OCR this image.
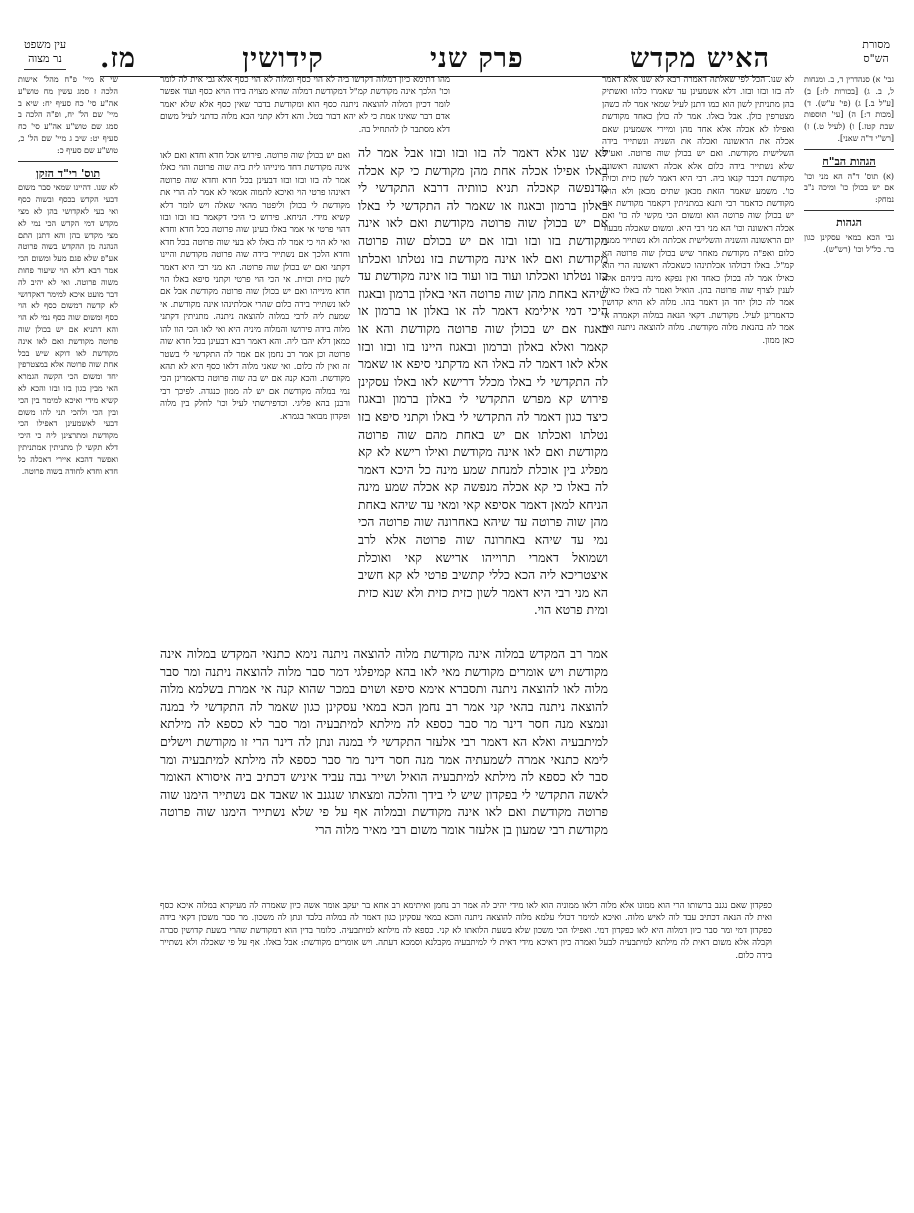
מסורת
הש"ס
עין משפט
נר מצוה	האיש מקדש
פרק שני
קידושין
מז.
גבי' א) סנהדרין ד, ב. ומנחות ל, ב. ג) [בכורות לז:] ב) [ע"ל ב.] ג) (פי' ע"ש). ד) [מכות ד:] ה) [עי' תוספות שבת קטז.] ו) (לעיל ט.) ז) [רש"י ד"ה שאני].
הגהות הב"ח
(א) תוס' ד"ה הא מני וכו' אם יש בכולן כו' ומיכה נ"ב נמחק:
הגהות
גבי הכא במאי עסקינן כגון בר. כל"ל וכו' (רש"ש).
שי א מיי' פ"ח מהל' אישות הלכה ז סמג עשין מח טוש"ע אה"ע סי' כח סעיף יח: שיא ב מיי' שם הל' יח, ופ"ה הלכה ב סמג שם טוש"ע אה"ע סי' כח סעיף יט: שיב ג מיי' שם הל' כ, טוש"ע שם סעיף כ:
תוס' רי"ד הזקן
לא שנו. דהיינו שמאי סבר משום דבעי הקדש בכסף ובשוה כסף ואי בעי לאקדושי בהן לא מצי מקדש דמי הקדש הכי נמי לא מצי מקדש בהן והא דתנן התם הנהנה מן ההקדש בשוה פרוטה אע"פ שלא פגם מעל ומשום הכי אמר רבא דלא הוי שיעור פחות משוה פרוטה. ואי לא יהיב לה דבר מועט איכא למימר דאקדושי לא קדשה דמשום כסף לא הוי כסף ומשום שוה כסף נמי לא הוי והא דתניא אם יש בכולן שוה פרוטה מקודשת ואם לאו אינה מקודשת לאו דוקא שיש בכל אחת שוה פרוטה אלא במצטרפין יחד ומשום הכי הקשה הגמרא האי מבין בגון בזו ובזו והכא לא קשיא מידי ואיכא למימר בין הכי ובין הכי ולהכי תני להו משום דבעי לאשמעינן דאפילו הכי מקודשת ומתרצינן ליה כי היכי דלא תקשי לן מתניתין אמתניתין ואפשר דהכא איירי דאכלה כל חדא וחדא לחודה בשוה פרוטה.
לא שנו. הכל לפי שאלתה דאמרה רבא לא שנו אלא דאמר לה בזו ובזו ובזו. דלא אשמעינן עד שאמרו כלהו ואשתיק בהן מתניתין לשון הוא כמו דתנן לעיל שמאי אמר לה כשהן מצטרפין כולן. אבל באלו. אמר לה כולן כאחד מקודשת ואפילו לא אכלה אלא אחד מהן ומיירי אשמעינן שאם אכלה את הראשונה ואכלה את השניה ונשתייר בידה השלישית מקודשת. ואם יש בכולן שוה פרוטה. ואע"פ שלא נשתייר בידה כלום אלא אכלה ראשונה ראשונה מקודשת דכבר קנאו ביה. רבי היא דאמר לשון כזית וכזית כו'. משמע שאמר הזאת מכאן שתים מכאן ולא הויא מקודשת כדאמר רבי ותנא במתניתין דקאמר מקודשת אם יש בכולן שוה פרוטה הוא ומשום הכי מקשי לה כו' ואם אכלה ראשונה וכו' הא מני רבי היא. ומשום שאכלה מבעוד יום הראשונה והשניה והשלישית אכלתה ולא נשתייר ממנה כלום ואפ"ה מקודשת מאחר שיש בכולן שוה פרוטה הא קמ"ל. באלו דכולהו אכלתינהו כשאכלה ראשונה הרי הוא כאילו אמר לה בכולן כאחד ואין נפקא מינה ביניהם אלא לענין לצרף שוה פרוטה בהן. הואיל ואמר לה באלו כאילו אמר לה כולן יחד הן דאמר בהו. מלוה לא הויא קדושין כדאמרינן לעיל. מקודשת. דקאי הנאה במלוה וקאמרה אי אמר לה בהנאת מלוה מקודשת. מלוה להוצאה ניתנה ואין כאן ממון.
מהו דתימא כיון דמלוה דקדשו ביה לא הוי כסף ומלוה לא הוי כסף אלא גבי אית לה לומר וכו' הלכך אינה מקודשת קמ"ל דמקודשת דמלוה שהיא מצויה בידו הויא כסף ועוד אפשר לומר דכיון דמלוה להוצאה ניתנה כסף הוא ומקודשת בדבר שאין כסף אלא שלא יאמר אדם דבר שאינו אמת כי לא יהא דבור בטל. והא דלא קתני הכא מלוה כדתני לעיל משום דלא מסתבר לן להתחיל בה.
ואם יש בכולן שוה פרוטה. פירוש אכל חדא וחדא ואם לאו אינה מקודשת דחד מינייהו לית ביה שוה פרוטה והוי כאלו אמר לה בזו ובזו ובזו דבעינן בכל חדא וחדא שוה פרוטה דאינהו פרטי הוי ואיכא לתמוה אמאי לא אמר לה הרי את מקודשת לי בכולן וליפטר מהאי שאלה ויש לומר דלא קשיא מידי. הניחא. פירוש כי היכי דקאמר בזו ובזו ובזו דהוי פרטי אי אמר באלו בעינן שוה פרוטה בכל חדא וחדא ואי לא הוי כי אמר לה באלו לא בעי שוה פרוטה בכל חדא וחדא הלכך אם נשתייר בידה שוה פרוטה מקודשת והיינו דקתני ואם יש בכולן שוה פרוטה. הא מני רבי היא דאמר לשון כזית וכזית. אי הכי הוי פרטי וקתני סיפא באלו הוי חדא מינייהו ואם יש בכולן שוה פרוטה מקודשת אבל אם לאו נשתייר בידה כלום שהרי אכלתינהו אינה מקודשת. אי שמעת ליה לרבי במלוה להוצאה ניתנה. מתניתין דקתני מלוה בידה פירושו והמלוה מיניה היא ואי לאו הכי הוו להו כמאן דלא יהבו ליה. והא דאמר רבא דבעינן בכל חדא שוה פרוטה וכן אמר רב נחמן אם אמר לה התקדשי לי בשטר זה ואין לה כלום. ואי שאני מלוה דלאו כסף היא לא תהא מקודשת. והכא קנה אם יש בה שוה פרוטה כדאמרינן הכי נמי במלוה מקודשת אם יש לה ממון כנגדה. לפיכך רבי ורבנן בהא פליגי. וכדפירשתי לעיל וכו' לחלק בין מלוה ופקדון מבואר בגמרא.
לא שנו אלא דאמר לה בזו ובזו ובזו אבל אמר לה באלו אפילו אכלה אחת מהן מקודשת כי קא אכלה מדנפשה קאכלה תניא כוותיה דרבא התקדשי לי באלון ברמון ובאגוז או שאמר לה התקדשי לי באלו אם יש בכולן שוה פרוטה מקודשת ואם לאו אינה מקודשת בזו ובזו ובזו אם יש בכולם שוה פרוטה מקודשת ואם לאו אינה מקודשת בזו נטלתו ואכלתו בזו נטלתו ואכלתו ועוד בזו ועוד בזו אינה מקודשת עד שיהא באחת מהן שוה פרוטה האי באלון ברמון ובאגוז היכי דמי אילימא דאמר לה או באלון או ברמון או באגוז אם יש בכולן שוה פרוטה מקודשת והא או קאמר ואלא באלון וברמון ובאגוז היינו בזו ובזו ובזו אלא לאו דאמר לה באלו הא מדקתני סיפא או שאמר לה התקדשי לי באלו מכלל דרישא לאו באלו עסקינן פירוש קא מפרש התקדשי לי באלון ברמון ובאגוז כיצד כגון דאמר לה התקדשי לי באלו וקתני סיפא בזו נטלתו ואכלתו אם יש באחת מהם שוה פרוטה מקודשת ואם לאו אינה מקודשת ואילו רישא לא קא מפליג בין אוכלת למנחת שמע מינה כל היכא דאמר לה באלו כי קא אכלה מנפשה קא אכלה שמע מינה הניחא למאן דאמר אסיפא קאי ומאי עד שיהא באחת מהן שוה פרוטה עד שיהא באחרונה שוה פרוטה הכי נמי עד שיהא באחרונה שוה פרוטה אלא לרב ושמואל דאמרי תרוייהו ארישא קאי ואוכלת איצטריכא ליה הכא כללי קתשיב פרטי לא קא חשיב הא מני רבי היא דאמר לשון כזית כזית ולא שנא כזית ומית פרטא הוי.
אמר רב המקדש במלוה אינה מקודשת מלוה להוצאה ניתנה נימא כתנאי המקדש במלוה אינה מקודשת ויש אומרים מקודשת מאי לאו בהא קמיפלגי דמר סבר מלוה להוצאה ניתנה ומר סבר מלוה לאו להוצאה ניתנה ותסברא אימא סיפא ושוים במכר שהוא קנה אי אמרת בשלמא מלוה להוצאה ניתנה בהאי קני אמר רב נחמן הכא במאי עסקינן כגון שאמר לה התקדשי לי במנה ונמצא מנה חסר דינר מר סבר כספא לה מילתא למיתבעיה ומר סבר לא כספא לה מילתא למיתבעיה ואלא הא דאמר רבי אלעזר התקדשי לי במנה ונתן לה דינר הרי זו מקודשת וישלים לימא כתנאי אמרה לשמעתיה אמר מנה חסר דינר מר סבר כספא לה מילתא למיתבעיה ומר סבר לא כספא לה מילתא למיתבעיה הואיל ושייר גבה עביד איניש דכתיב ביה איסורא האומר לאשה התקדשי לי בפקדון שיש לי בידך והלכה ומצאתו שנגנב או שאבד אם נשתייר הימנו שוה פרוטה מקודשת ואם לאו אינה מקודשת ובמלוה אף על פי שלא נשתייר הימנו שוה פרוטה מקודשת רבי שמעון בן אלעזר אומר משום רבי מאיר מלוה הרי
כפקדון שאם נגנב ברשותו הרי הוא ממונו אלא מלוה דלאו ממוניה הוא לאו מידי יהיב לה אמר רב נחמן ואיתימא רב אחא בר יעקב אומר אשה כיון שאמרה לה מעיקרא במלוה איכא כסף ואית לה הנאה דכתיב עבד לוה לאיש מלוה. ואיכא למימר דכולי עלמא מלוה להוצאה ניתנה והכא במאי עסקינן כגון דאמר לה במלוה בלבד ונתן לה משכון. מר סבר משכון דקאי בידה כפקדון דמי ומר סבר כיון דמלוה היא לאו כפקדון דמי. ואפילו הכי משכון שלא בשעת הלואתו לא קני. כספא לה מילתא למיתבעיה. כלומר בדין הוא דמקודשת שהרי בשעת קדושין סברה וקבלה אלא משום דאית לה מילתא למיתבעיה לבעל ואמרה כיון דאיכא מידי דאית לי למיתבעיה מקבלנא וסמכא דעתה. ויש אומרים מקודשת: אבל באלו. אף על פי שאכלה ולא נשתייר בידה כלום.
